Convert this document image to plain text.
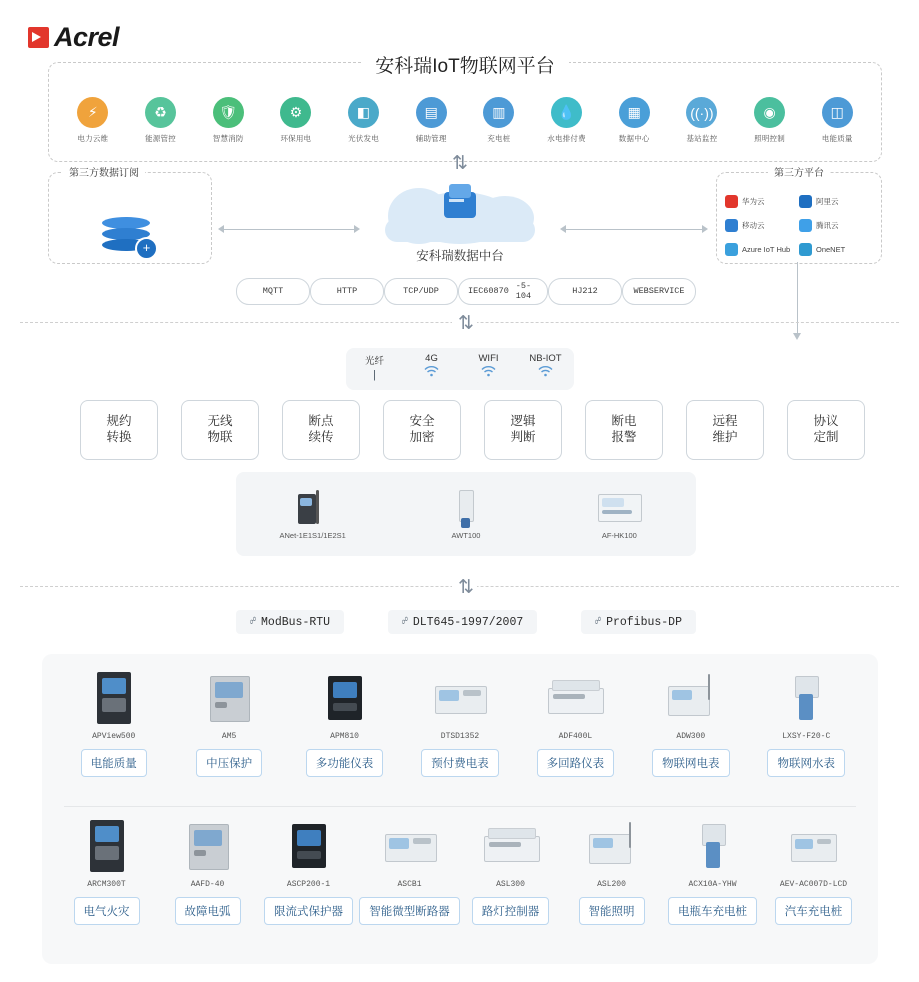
Acrel
安科瑞IoT物联网平台
⚡
电力云维
♻
能源管控
🛡
智慧消防
⚙
环保用电
◧
光伏发电
▤
辅助管理
▥
充电桩
💧
水电排付费
▦
数据中心
((·))
基站监控
◉
照明控制
◫
电能质量
⇅
第三方数据订阅
+
安科瑞数据中台
第三方平台
华为云	阿里云
移动云	腾讯云
Azure IoT Hub	OneNET
MQTT	HTTP	TCP/UDP	IEC60870 -5-104	HJ212	WEBSERVICE
⇅
光纤
|
4G	WIFI	NB-IOT
规约
转换
无线
物联
断点
续传
安全
加密
逻辑
判断
断电
报警
远程
维护
协议
定制
ANet-1E1S1/1E2S1	AWT100	AF-HK100
⇅
☍ ModBus-RTU	☍ DLT645-1997/2007	☍ Profibus-DP
APView500
电能质量
AM5
中压保护
APM810
多功能仪表
DTSD1352
预付费电表
ADF400L
多回路仪表
ADW300
物联网电表
LXSY-F20-C
物联网水表
ARCM300T
电气火灾
AAFD-40
故障电弧
ASCP200-1
限流式保护器
ASCB1
智能微型断路器
ASL300
路灯控制器
ASL200
智能照明
ACX10A-YHW
电瓶车充电桩
AEV-AC007D-LCD
汽车充电桩
